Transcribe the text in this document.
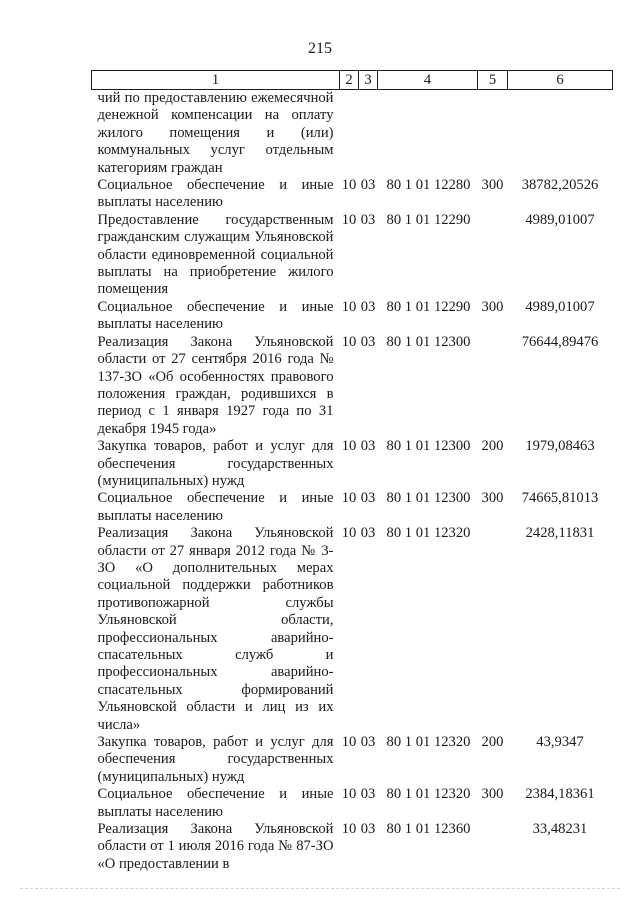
215
1	2	3	4	5	6
чий по предоставлению ежемесячной денежной компенсации на оплату жилого помещения и (или) коммунальных услуг отдельным категориям граждан					
Социальное обеспечение и иные выплаты населению	10	03	80 1 01 12280	300	38782,20526
Предоставление государственным гражданским служащим Ульяновской области единовременной социальной выплаты на приобретение жилого помещения	10	03	80 1 01 12290		4989,01007
Социальное обеспечение и иные выплаты населению	10	03	80 1 01 12290	300	4989,01007
Реализация Закона Ульяновской области от 27 сентября 2016 года № 137-ЗО «Об особенностях правового положения граждан, родившихся в период с 1 января 1927 года по 31 декабря 1945 года»	10	03	80 1 01 12300		76644,89476
Закупка товаров, работ и услуг для обеспечения государственных (муниципальных) нужд	10	03	80 1 01 12300	200	1979,08463
Социальное обеспечение и иные выплаты населению	10	03	80 1 01 12300	300	74665,81013
Реализация Закона Ульяновской области от 27 января 2012 года № 3-ЗО «О дополнительных мерах социальной поддержки работников противопожарной службы Ульяновской области, профессиональных аварийно-спасательных служб и профессиональных аварийно-спасательных формирований Ульяновской области и лиц из их числа»	10	03	80 1 01 12320		2428,11831
Закупка товаров, работ и услуг для обеспечения государственных (муниципальных) нужд	10	03	80 1 01 12320	200	43,9347
Социальное обеспечение и иные выплаты населению	10	03	80 1 01 12320	300	2384,18361
Реализация Закона Ульяновской области от 1 июля 2016 года № 87-ЗО «О предоставлении в	10	03	80 1 01 12360		33,48231
